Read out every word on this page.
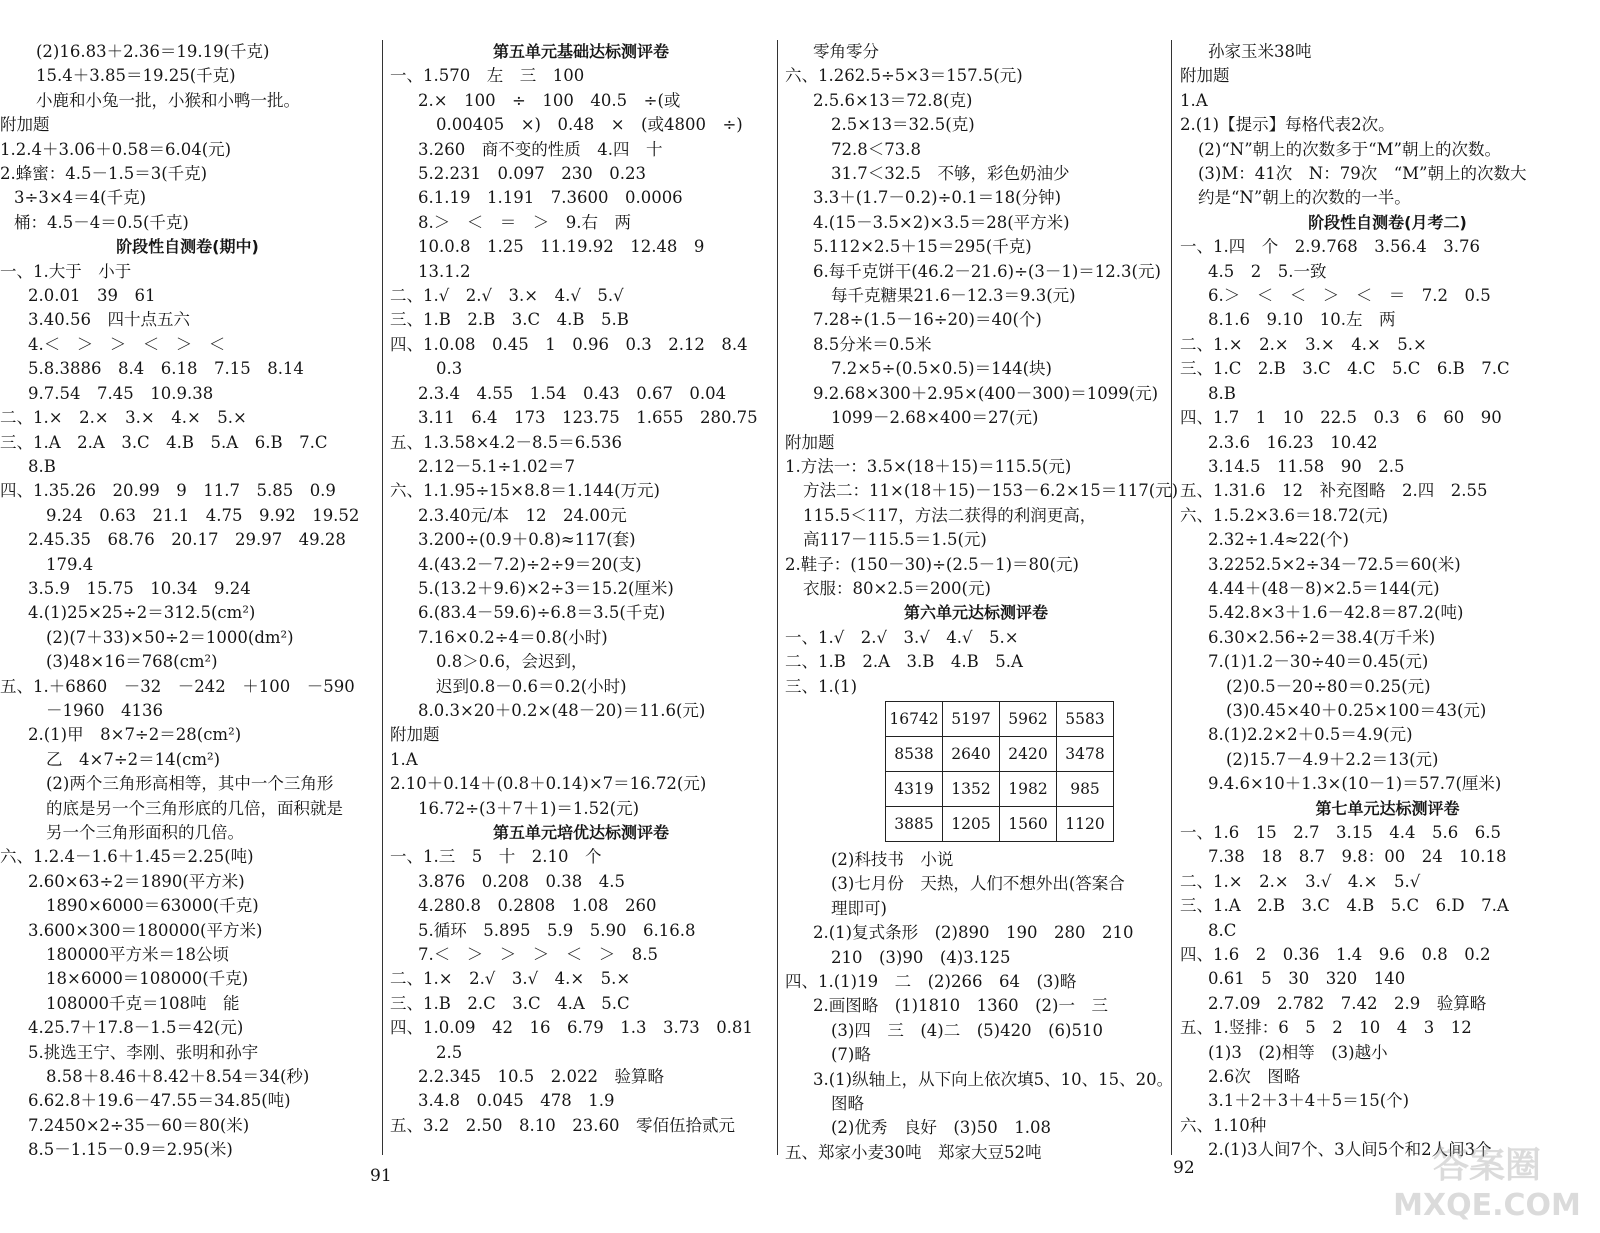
(2)16.83＋2.36＝19.19(千克)
15.4＋3.85＝19.25(千克)
小鹿和小兔一批，小猴和小鸭一批。
附加题
1.2.4＋3.06＋0.58＝6.04(元)
2.蜂蜜：4.5－1.5＝3(千克)
3÷3×4＝4(千克)
桶：4.5－4＝0.5(千克)
阶段性自测卷(期中)
一、1.大于　小于
2.0.01　39　61
3.40.56　四十点五六
4.＜　＞　＞　＜　＞　＜
5.8.3886　8.4　6.18　7.15　8.14
9.7.54　7.45　10.9.38
二、1.×　2.×　3.×　4.×　5.×
三、1.A　2.A　3.C　4.B　5.A　6.B　7.C
8.B
四、1.35.26　20.99　9　11.7　5.85　0.9
9.24　0.63　21.1　4.75　9.92　19.52
2.45.35　68.76　20.17　29.97　49.28
179.4
3.5.9　15.75　10.34　9.24
4.(1)25×25÷2＝312.5(cm²)
(2)(7＋33)×50÷2＝1000(dm²)
(3)48×16＝768(cm²)
五、1.＋6860　－32　－242　＋100　－590
－1960　4136
2.(1)甲　8×7÷2＝28(cm²)
乙　4×7÷2＝14(cm²)
(2)两个三角形高相等，其中一个三角形
的底是另一个三角形底的几倍，面积就是
另一个三角形面积的几倍。
六、1.2.4－1.6＋1.45＝2.25(吨)
2.60×63÷2＝1890(平方米)
1890×6000＝63000(千克)
3.600×300＝180000(平方米)
180000平方米＝18公顷
18×6000＝108000(千克)
108000千克＝108吨　能
4.25.7＋17.8－1.5＝42(元)
5.挑选王宁、李刚、张明和孙宇
8.58＋8.46＋8.42＋8.54＝34(秒)
6.62.8＋19.6－47.55＝34.85(吨)
7.2450×2÷35－60＝80(米)
8.5－1.15－0.9＝2.95(米)
第五单元基础达标测评卷
一、1.570　左　三　100
2.×　100　÷　100　40.5　÷(或
0.00405　×)　0.48　×　(或4800　÷)
3.260　商不变的性质　4.四　十
5.2.231　0.097　230　0.23
6.1.19　1.191　7.3600　0.0006
8.＞　＜　＝　＞　9.右　两
10.0.8　1.25　11.19.92　12.48　9
13.1.2
二、1.√　2.√　3.×　4.√　5.√
三、1.B　2.B　3.C　4.B　5.B
四、1.0.08　0.45　1　0.96　0.3　2.12　8.4
0.3
2.3.4　4.55　1.54　0.43　0.67　0.04
3.11　6.4　173　123.75　1.655　280.75
五、1.3.58×4.2－8.5＝6.536
2.12－5.1÷1.02＝7
六、1.1.95÷15×8.8＝1.144(万元)
2.3.40元/本　12　24.00元
3.200÷(0.9＋0.8)≈117(套)
4.(43.2－7.2)÷2÷9＝20(支)
5.(13.2＋9.6)×2÷3＝15.2(厘米)
6.(83.4－59.6)÷6.8＝3.5(千克)
7.16×0.2÷4＝0.8(小时)
0.8＞0.6，会迟到，
迟到0.8－0.6＝0.2(小时)
8.0.3×20＋0.2×(48－20)＝11.6(元)
附加题
1.A
2.10＋0.14＋(0.8＋0.14)×7＝16.72(元)
16.72÷(3＋7＋1)＝1.52(元)
第五单元培优达标测评卷
一、1.三　5　十　2.10　个
3.876　0.208　0.38　4.5
4.280.8　0.2808　1.08　260
5.循环　5.895　5.9　5.90　6.16.8
7.＜　＞　＞　＞　＜　＞　8.5
二、1.×　2.√　3.√　4.×　5.×
三、1.B　2.C　3.C　4.A　5.C
四、1.0.09　42　16　6.79　1.3　3.73　0.81
2.5
2.2.345　10.5　2.022　验算略
3.4.8　0.045　478　1.9
五、3.2　2.50　8.10　23.60　零佰伍拾贰元
零角零分
六、1.262.5÷5×3＝157.5(元)
2.5.6×13＝72.8(克)
2.5×13＝32.5(克)
72.8＜73.8
31.7＜32.5　不够，彩色奶油少
3.3＋(1.7－0.2)÷0.1＝18(分钟)
4.(15－3.5×2)×3.5＝28(平方米)
5.112×2.5＋15＝295(千克)
6.每千克饼干(46.2－21.6)÷(3－1)＝12.3(元)
每千克糖果21.6－12.3＝9.3(元)
7.28÷(1.5－16÷20)＝40(个)
8.5分米＝0.5米
7.2×5÷(0.5×0.5)＝144(块)
9.2.68×300＋2.95×(400－300)＝1099(元)
1099－2.68×400＝27(元)
附加题
1.方法一：3.5×(18＋15)＝115.5(元)
方法二：11×(18＋15)－153－6.2×15＝117(元)
115.5＜117，方法二获得的利润更高，
高117－115.5＝1.5(元)
2.鞋子：(150－30)÷(2.5－1)＝80(元)
衣服：80×2.5＝200(元)
第六单元达标测评卷
一、1.√　2.√　3.√　4.√　5.×
二、1.B　2.A　3.B　4.B　5.A
三、1.(1)
16742	5197	5962	5583
8538	2640	2420	3478
4319	1352	1982	985
3885	1205	1560	1120
(2)科技书　小说
(3)七月份　天热，人们不想外出(答案合
理即可)
2.(1)复式条形　(2)890　190　280　210
210　(3)90　(4)3.125
四、1.(1)19　二　(2)266　64　(3)略
2.画图略　(1)1810　1360　(2)一　三
(3)四　三　(4)二　(5)420　(6)510
(7)略
3.(1)纵轴上，从下向上依次填5、10、15、20。
图略
(2)优秀　良好　(3)50　1.08
五、郑家小麦30吨　郑家大豆52吨
孙家玉米38吨
附加题
1.A
2.(1)【提示】每格代表2次。
(2)“N”朝上的次数多于“M”朝上的次数。
(3)M：41次　N：79次　“M”朝上的次数大
约是“N”朝上的次数的一半。
阶段性自测卷(月考二)
一、1.四　个　2.9.768　3.56.4　3.76
4.5　2　5.一致
6.＞　＜　＜　＞　＜　＝　7.2　0.5
8.1.6　9.10　10.左　两
二、1.×　2.×　3.×　4.×　5.×
三、1.C　2.B　3.C　4.C　5.C　6.B　7.C
8.B
四、1.7　1　10　22.5　0.3　6　60　90
2.3.6　16.23　10.42
3.14.5　11.58　90　2.5
五、1.31.6　12　补充图略　2.四　2.55
六、1.5.2×3.6＝18.72(元)
2.32÷1.4≈22(个)
3.2252.5×2÷34－72.5＝60(米)
4.44＋(48－8)×2.5＝144(元)
5.42.8×3＋1.6－42.8＝87.2(吨)
6.30×2.56÷2＝38.4(万千米)
7.(1)1.2－30÷40＝0.45(元)
(2)0.5－20÷80＝0.25(元)
(3)0.45×40＋0.25×100＝43(元)
8.(1)2.2×2＋0.5＝4.9(元)
(2)15.7－4.9＋2.2＝13(元)
9.4.6×10＋1.3×(10－1)＝57.7(厘米)
第七单元达标测评卷
一、1.6　15　2.7　3.15　4.4　5.6　6.5
7.38　18　8.7　9.8：00　24　10.18
二、1.×　2.×　3.√　4.×　5.√
三、1.A　2.B　3.C　4.B　5.C　6.D　7.A
8.C
四、1.6　2　0.36　1.4　9.6　0.8　0.2
0.61　5　30　320　140
2.7.09　2.782　7.42　2.9　验算略
五、1.竖排：6　5　2　10　4　3　12
(1)3　(2)相等　(3)越小
2.6次　图略
3.1＋2＋3＋4＋5＝15(个)
六、1.10种
2.(1)3人间7个、3人间5个和2人间3个
91	92	答案圈
MXQE.COM
